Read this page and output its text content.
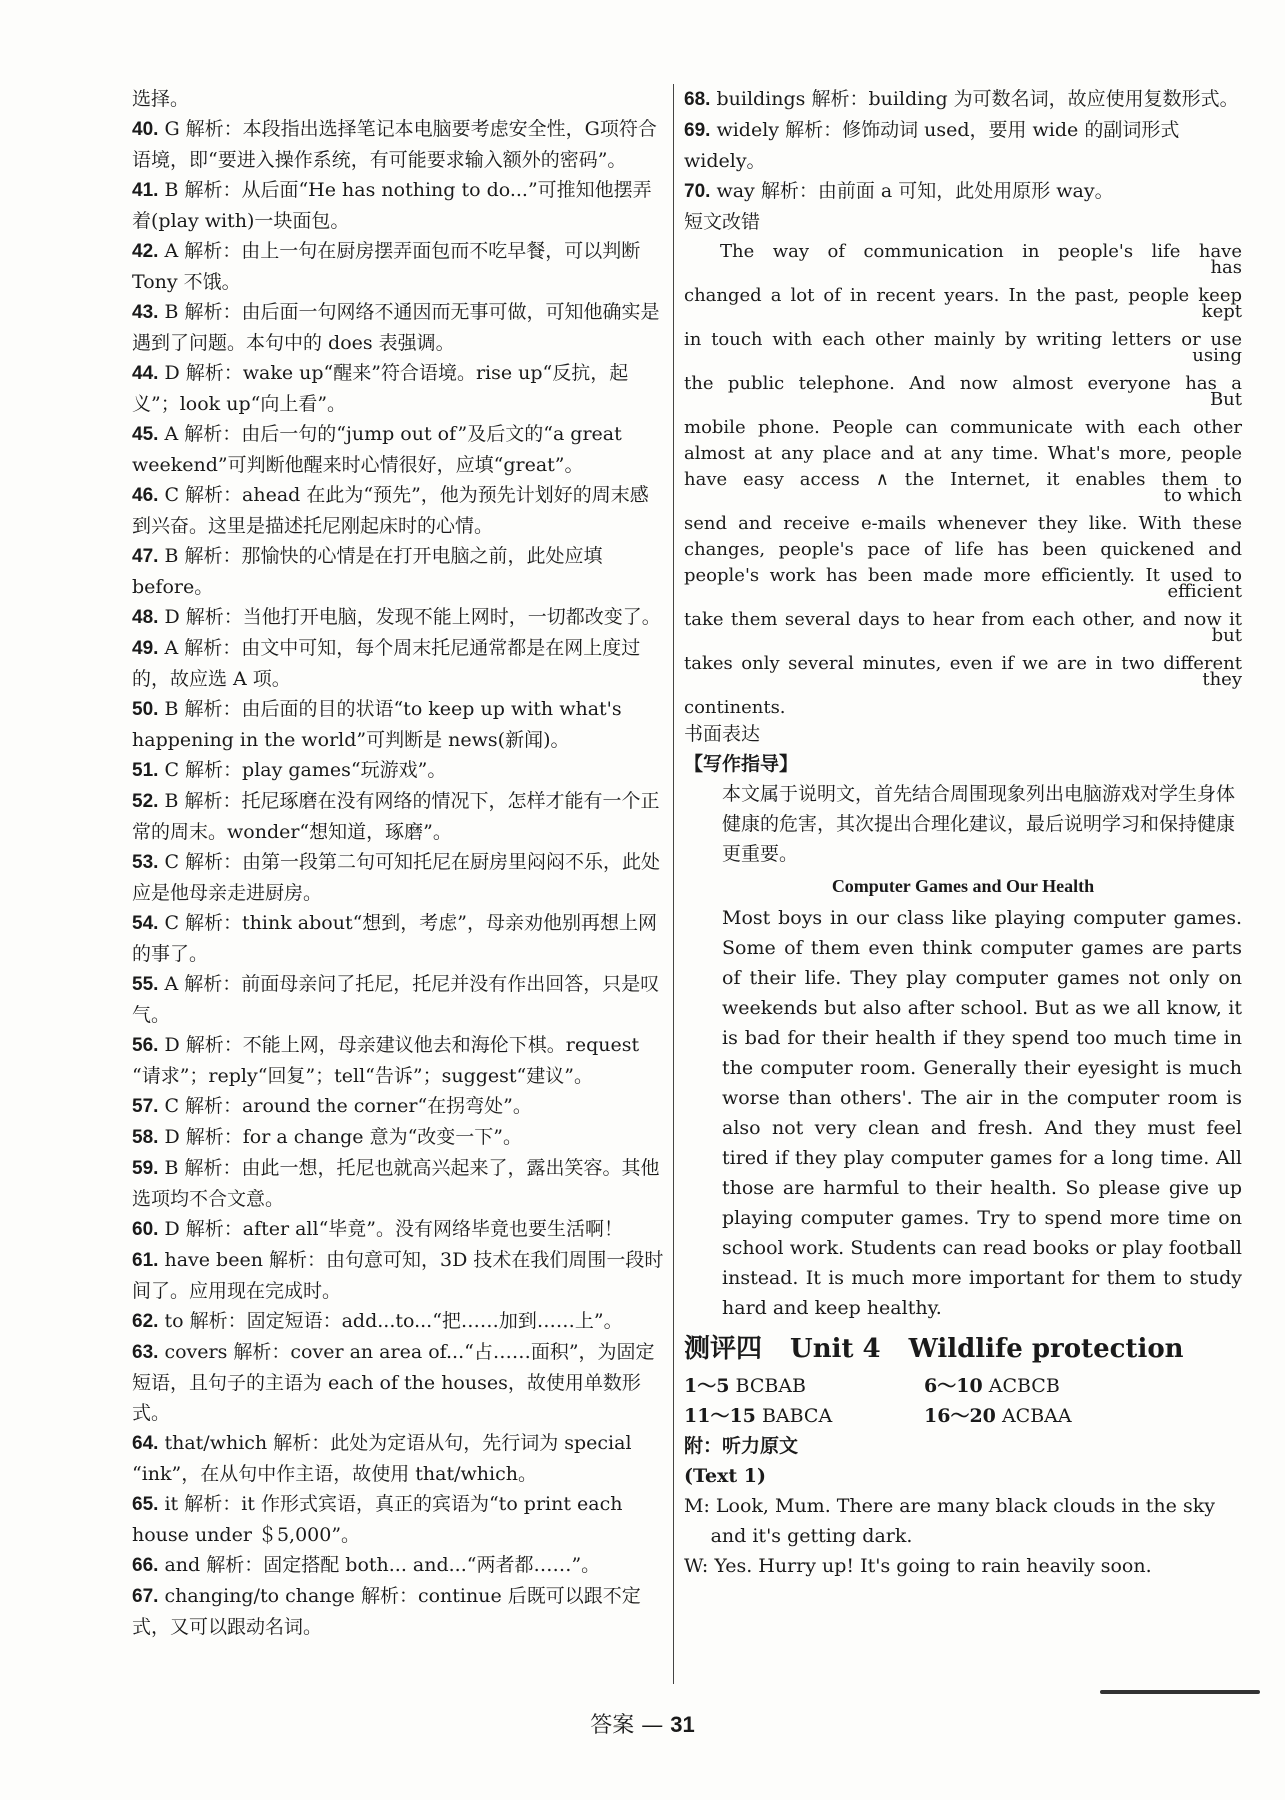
选择。

40. G 解析：本段指出选择笔记本电脑要考虑安全性，G项符合语境，即“要进入操作系统，有可能要求输入额外的密码”。

41. B 解析：从后面“He has nothing to do...”可推知他摆弄着(play with)一块面包。

42. A 解析：由上一句在厨房摆弄面包而不吃早餐，可以判断 Tony 不饿。

43. B 解析：由后面一句网络不通因而无事可做，可知他确实是遇到了问题。本句中的 does 表强调。

44. D 解析：wake up“醒来”符合语境。rise up“反抗，起义”；look up“向上看”。

45. A 解析：由后一句的“jump out of”及后文的“a great weekend”可判断他醒来时心情很好，应填“great”。

46. C 解析：ahead 在此为“预先”，他为预先计划好的周末感到兴奋。这里是描述托尼刚起床时的心情。

47. B 解析：那愉快的心情是在打开电脑之前，此处应填 before。

48. D 解析：当他打开电脑，发现不能上网时，一切都改变了。

49. A 解析：由文中可知，每个周末托尼通常都是在网上度过的，故应选 A 项。

50. B 解析：由后面的目的状语“to keep up with what's happening in the world”可判断是 news(新闻)。

51. C 解析：play games“玩游戏”。

52. B 解析：托尼琢磨在没有网络的情况下，怎样才能有一个正常的周末。wonder“想知道，琢磨”。

53. C 解析：由第一段第二句可知托尼在厨房里闷闷不乐，此处应是他母亲走进厨房。

54. C 解析：think about“想到，考虑”，母亲劝他别再想上网的事了。

55. A 解析：前面母亲问了托尼，托尼并没有作出回答，只是叹气。

56. D 解析：不能上网，母亲建议他去和海伦下棋。request “请求”；reply“回复”；tell“告诉”；suggest“建议”。

57. C 解析：around the corner“在拐弯处”。

58. D 解析：for a change 意为“改变一下”。

59. B 解析：由此一想，托尼也就高兴起来了，露出笑容。其他选项均不合文意。

60. D 解析：after all“毕竟”。没有网络毕竟也要生活啊！

61. have been 解析：由句意可知，3D 技术在我们周围一段时间了。应用现在完成时。

62. to 解析：固定短语：add...to...“把……加到……上”。

63. covers 解析：cover an area of...“占……面积”，为固定短语，且句子的主语为 each of the houses，故使用单数形式。

64. that/which 解析：此处为定语从句，先行词为 special “ink”，在从句中作主语，故使用 that/which。

65. it 解析：it 作形式宾语，真正的宾语为“to print each house under ＄5,000”。

66. and 解析：固定搭配 both... and...“两者都……”。

67. changing/to change 解析：continue 后既可以跟不定式，又可以跟动名词。

68. buildings 解析：building 为可数名词，故应使用复数形式。

69. widely 解析：修饰动词 used，要用 wide 的副词形式 widely。

70. way 解析：由前面 a 可知，此处用原形 way。

短文改错

The way of communication in people's life have
has
changed a lot of in recent years. In the past, people keep
kept
in touch with each other mainly by writing letters or use
using
the public telephone. And now almost everyone has a
But
mobile phone. People can communicate with each other
almost at any place and at any time. What's more, people
have easy access ∧ the Internet, it enables them to
to which
send and receive e-mails whenever they like. With these
changes, people's pace of life has been quickened and
people's work has been made more efficiently. It used to
efficient
take them several days to hear from each other, and now it
but
takes only several minutes, even if we are in two different
they
continents.

书面表达

【写作指导】

本文属于说明文，首先结合周围现象列出电脑游戏对学生身体健康的危害，其次提出合理化建议，最后说明学习和保持健康更重要。

Computer Games and Our Health

Most boys in our class like playing computer games. Some of them even think computer games are parts of their life. They play computer games not only on weekends but also after school. But as we all know, it is bad for their health if they spend too much time in the computer room. Generally their eyesight is much worse than others'. The air in the computer room is also not very clean and fresh. And they must feel tired if they play computer games for a long time. All those are harmful to their health. So please give up playing computer games. Try to spend more time on school work. Students can read books or play football instead. It is much more important for them to study hard and keep healthy.

测评四 Unit 4 Wildlife protection
1～5 BCBAB	6～10 ACBCB
11～15 BABCA	16～20 ACBAA

附：听力原文

(Text 1)

M: Look, Mum. There are many black clouds in the sky and it's getting dark.

W: Yes. Hurry up! It's going to rain heavily soon.

答案 — 31
